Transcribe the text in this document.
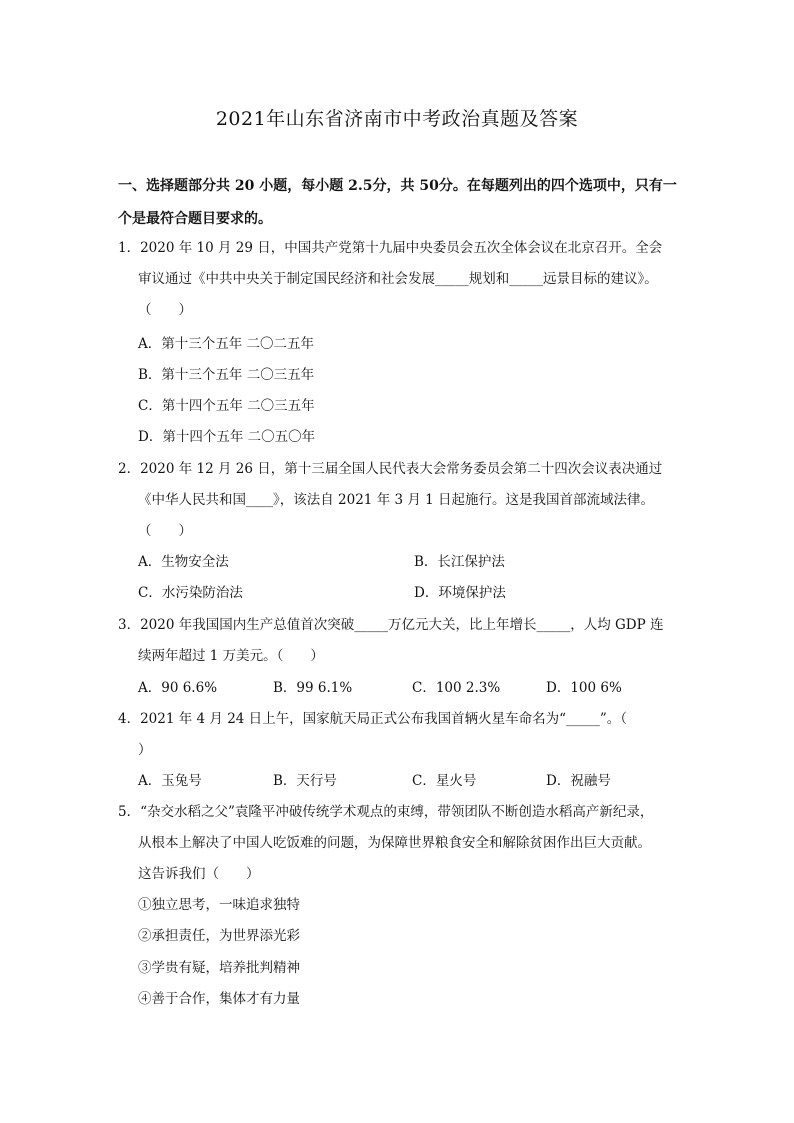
2021年山东省济南市中考政治真题及答案
一、选择题部分共 20 小题，每小题 2.5分，共 50分。在每题列出的四个选项中，只有一个是最符合题目要求的。
1．2020 年 10 月 29 日，中国共产党第十九届中央委员会五次全体会议在北京召开。全会
审议通过《中共中央关于制定国民经济和社会发展_____规划和_____远景目标的建议》。
（　　）
A．第十三个五年 二〇二五年
B．第十三个五年 二〇三五年
C．第十四个五年 二〇三五年
D．第十四个五年 二〇五〇年
2．2020 年 12 月 26 日，第十三届全国人民代表大会常务委员会第二十四次会议表决通过
《中华人民共和国____》，该法自 2021 年 3 月 1 日起施行。这是我国首部流域法律。
（　　）
A．生物安全法	B．长江保护法
C．水污染防治法	D．环境保护法
3．2020 年我国国内生产总值首次突破_____万亿元大关，比上年增长_____，人均 GDP 连
续两年超过 1 万美元。（　　）
A．90 6.6%	B．99 6.1%	C．100 2.3%	D．100 6%
4．2021 年 4 月 24 日上午，国家航天局正式公布我国首辆火星车命名为“_____”。（
）
A．玉兔号	B．天行号	C．星火号	D．祝融号
5．“杂交水稻之父”袁隆平冲破传统学术观点的束缚，带领团队不断创造水稻高产新纪录，
从根本上解决了中国人吃饭难的问题，为保障世界粮食安全和解除贫困作出巨大贡献。
这告诉我们（　　）
①独立思考，一味追求独特
②承担责任，为世界添光彩
③学贵有疑，培养批判精神
④善于合作，集体才有力量
